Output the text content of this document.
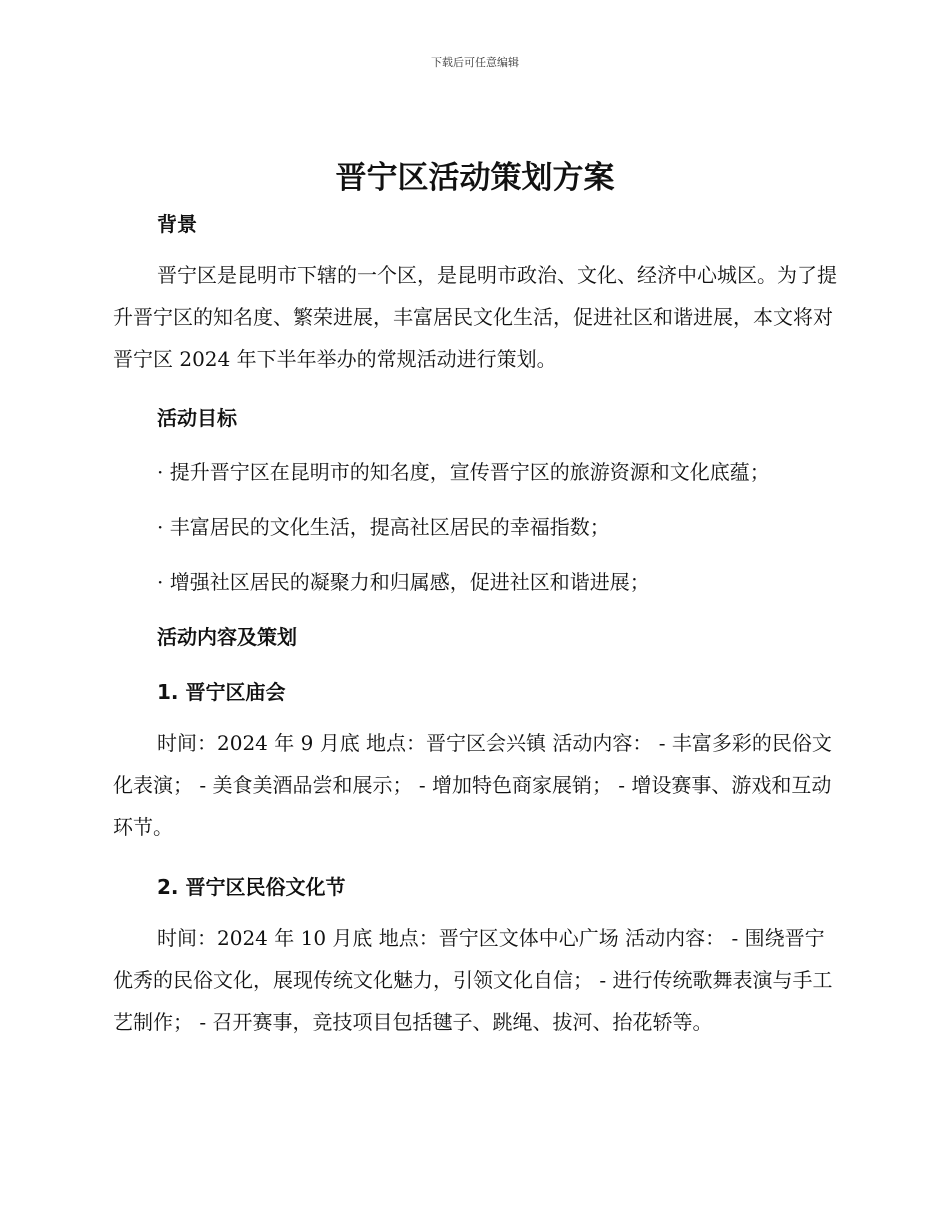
下载后可任意编辑
晋宁区活动策划方案
背景

晋宁区是昆明市下辖的一个区，是昆明市政治、文化、经济中心城区。为了提升晋宁区的知名度、繁荣进展，丰富居民文化生活，促进社区和谐进展，本文将对晋宁区 2024 年下半年举办的常规活动进行策划。

活动目标

· 提升晋宁区在昆明市的知名度，宣传晋宁区的旅游资源和文化底蕴；

· 丰富居民的文化生活，提高社区居民的幸福指数；

· 增强社区居民的凝聚力和归属感，促进社区和谐进展；

活动内容及策划
1. 晋宁区庙会

时间：2024 年 9 月底 地点：晋宁区会兴镇 活动内容： - 丰富多彩的民俗文化表演； - 美食美酒品尝和展示； - 增加特色商家展销； - 增设赛事、游戏和互动环节。

2. 晋宁区民俗文化节

时间：2024 年 10 月底 地点：晋宁区文体中心广场 活动内容： - 围绕晋宁优秀的民俗文化，展现传统文化魅力，引领文化自信； - 进行传统歌舞表演与手工艺制作； - 召开赛事，竞技项目包括毽子、跳绳、拔河、抬花轿等。
